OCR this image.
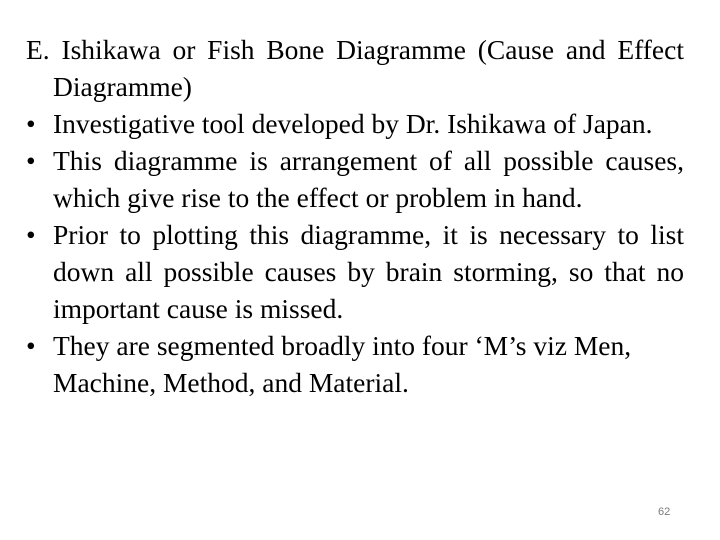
E. Ishikawa or Fish Bone Diagramme (Cause and Effect Diagramme)

• Investigative tool developed by Dr. Ishikawa of Japan.
• This diagramme is arrangement of all possible causes, which give rise to the effect or problem in hand.
• Prior to plotting this diagramme, it is necessary to list down all possible causes by brain storming, so that no important cause is missed.
• They are segmented broadly into four ‘M’s viz Men, Machine, Method, and Material.
62
